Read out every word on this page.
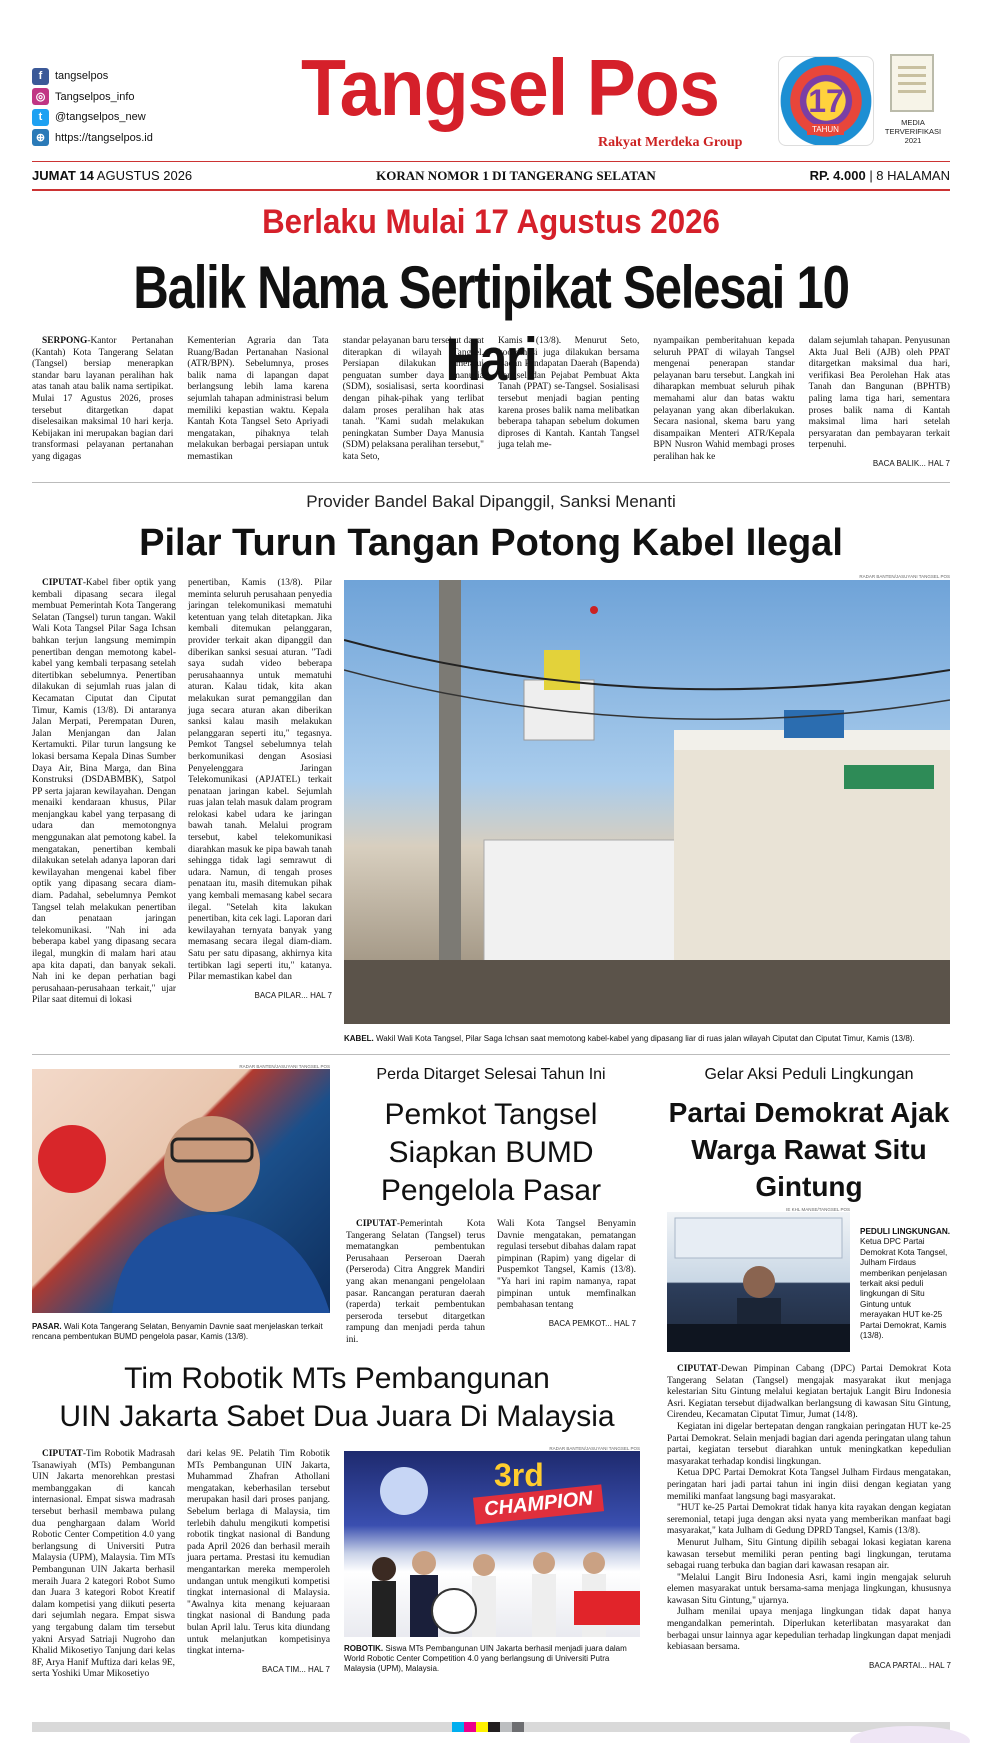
f	tangselpos
◎ Tangselpos_info
t	@tangselpos_new
⊕ https://tangselpos.id
Tangsel Pos
Rakyat Merdeka Group
17
TAHUN
MEDIA TERVERIFIKASI 2021
JUMAT 14 AGUSTUS 2026	KORAN NOMOR 1 DI TANGERANG SELATAN	RP. 4.000 | 8 HALAMAN
Berlaku Mulai 17 Agustus 2026
Balik Nama Sertipikat Selesai 10 Hari

SERPONG-Kantor Pertanahan (Kantah) Kota Tangerang Selatan (Tangsel) bersiap menerapkan standar baru layanan peralihan hak atas tanah atau balik nama sertipikat. Mulai 17 Agustus 2026, proses tersebut ditargetkan dapat diselesaikan maksimal 10 hari kerja. Kebijakan ini merupakan bagian dari transformasi pelayanan pertanahan yang digagas

Kementerian Agraria dan Tata Ruang/Badan Pertanahan Nasional (ATR/BPN). Sebelumnya, proses balik nama di lapangan dapat berlangsung lebih lama karena sejumlah tahapan administrasi belum memiliki kepastian waktu. Kepala Kantah Kota Tangsel Seto Apriyadi mengatakan, pihaknya telah melakukan berbagai persiapan untuk memastikan

standar pelayanan baru tersebut dapat diterapkan di wilayah Tangsel. Persiapan dilakukan melalui penguatan sumber daya manusia (SDM), sosialisasi, serta koordinasi dengan pihak-pihak yang terlibat dalam proses peralihan hak atas tanah. "Kami sudah melakukan peningkatan Sumber Daya Manusia (SDM) pelaksana peralihan tersebut," kata Seto,

Kamis (13/8). Menurut Seto, koordinasi juga dilakukan bersama Badan Pendapatan Daerah (Bapenda) Tangsel dan Pejabat Pembuat Akta Tanah (PPAT) se-Tangsel. Sosialisasi tersebut menjadi bagian penting karena proses balik nama melibatkan beberapa tahapan sebelum dokumen diproses di Kantah. Kantah Tangsel juga telah me-

nyampaikan pemberitahuan kepada seluruh PPAT di wilayah Tangsel mengenai penerapan standar pelayanan baru tersebut. Langkah ini diharapkan membuat seluruh pihak memahami alur dan batas waktu pelayanan yang akan diberlakukan. Secara nasional, skema baru yang disampaikan Menteri ATR/Kepala BPN Nusron Wahid membagi proses peralihan hak ke

dalam sejumlah tahapan. Penyusunan Akta Jual Beli (AJB) oleh PPAT ditargetkan maksimal dua hari, verifikasi Bea Perolehan Hak atas Tanah dan Bangunan (BPHTB) paling lama tiga hari, sementara proses balik nama di Kantah maksimal lima hari setelah persyaratan dan pembayaran terkait terpenuhi.

BACA BALIK... HAL 7
Provider Bandel Bakal Dipanggil, Sanksi Menanti
Pilar Turun Tangan Potong Kabel Ilegal

CIPUTAT-Kabel fiber optik yang kembali dipasang secara ilegal membuat Pemerintah Kota Tangerang Selatan (Tangsel) turun tangan. Wakil Wali Kota Tangsel Pilar Saga Ichsan bahkan terjun langsung memimpin penertiban dengan memotong kabel-kabel yang kembali terpasang setelah ditertibkan sebelumnya. Penertiban dilakukan di sejumlah ruas jalan di Kecamatan Ciputat dan Ciputat Timur, Kamis (13/8). Di antaranya Jalan Merpati, Perempatan Duren, Jalan Menjangan dan Jalan Kertamukti. Pilar turun langsung ke lokasi bersama Kepala Dinas Sumber Daya Air, Bina Marga, dan Bina Konstruksi (DSDABMBK), Satpol PP serta jajaran kewilayahan. Dengan menaiki kendaraan khusus, Pilar menjangkau kabel yang terpasang di udara dan memotongnya menggunakan alat pemotong kabel. Ia mengatakan, penertiban kembali dilakukan setelah adanya laporan dari kewilayahan mengenai kabel fiber optik yang dipasang secara diam-diam. Padahal, sebelumnya Pemkot Tangsel telah melakukan penertiban dan penataan jaringan telekomunikasi. "Nah ini ada beberapa kabel yang dipasang secara ilegal, mungkin di malam hari atau apa kita dapati, dan banyak sekali. Nah ini ke depan perhatian bagi perusahaan-perusahaan terkait," ujar Pilar saat ditemui di lokasi

penertiban, Kamis (13/8). Pilar meminta seluruh perusahaan penyedia jaringan telekomunikasi mematuhi ketentuan yang telah ditetapkan. Jika kembali ditemukan pelanggaran, provider terkait akan dipanggil dan diberikan sanksi sesuai aturan. "Tadi saya sudah video beberapa perusahaannya untuk mematuhi aturan. Kalau tidak, kita akan melakukan surat pemanggilan dan juga secara aturan akan diberikan sanksi kalau masih melakukan pelanggaran seperti itu," tegasnya. Pemkot Tangsel sebelumnya telah berkomunikasi dengan Asosiasi Penyelenggara Jaringan Telekomunikasi (APJATEL) terkait penataan jaringan kabel. Sejumlah ruas jalan telah masuk dalam program relokasi kabel udara ke jaringan bawah tanah. Melalui program tersebut, kabel telekomunikasi diarahkan masuk ke pipa bawah tanah sehingga tidak lagi semrawut di udara. Namun, di tengah proses penataan itu, masih ditemukan pihak yang kembali memasang kabel secara ilegal. "Setelah kita lakukan penertiban, kita cek lagi. Laporan dari kewilayahan ternyata banyak yang memasang secara ilegal diam-diam. Satu per satu dipasang, akhirnya kita tertibkan lagi seperti itu," katanya. Pilar memastikan kabel dan

BACA PILAR... HAL 7
RADAR BANTEN/JASUYANI TANGSEL POS
KABEL. Wakil Wali Kota Tangsel, Pilar Saga Ichsan saat memotong kabel-kabel yang dipasang liar di ruas jalan wilayah Ciputat dan Ciputat Timur, Kamis (13/8).
RADAR BANTEN/JASUYANI TANGSEL POS
PASAR. Wali Kota Tangerang Selatan, Benyamin Davnie saat menjelaskan terkait rencana pembentukan BUMD pengelola pasar, Kamis (13/8).
Perda Ditarget Selesai Tahun Ini
Pemkot Tangsel Siapkan BUMD Pengelola Pasar

CIPUTAT-Pemerintah Kota Tangerang Selatan (Tangsel) terus mematangkan pembentukan Perusahaan Perseroan Daerah (Perseroda) Citra Anggrek Mandiri yang akan menangani pengelolaan pasar. Rancangan peraturan daerah (raperda) terkait pembentukan perseroda tersebut ditargetkan rampung dan menjadi perda tahun ini.

Wali Kota Tangsel Benyamin Davnie mengatakan, pematangan regulasi tersebut dibahas dalam rapat pimpinan (Rapim) yang digelar di Puspemkot Tangsel, Kamis (13/8). "Ya hari ini rapim namanya, rapat pimpinan untuk memfinalkan pembahasan tentang

BACA PEMKOT... HAL 7
Gelar Aksi Peduli Lingkungan
Partai Demokrat Ajak Warga Rawat Situ Gintung
IE KHL MANSE/TANGSEL POS
PEDULI LINGKUNGAN. Ketua DPC Partai Demokrat Kota Tangsel, Julham Firdaus memberikan penjelasan terkait aksi peduli lingkungan di Situ Gintung untuk merayakan HUT ke-25 Partai Demokrat, Kamis (13/8).

CIPUTAT-Dewan Pimpinan Cabang (DPC) Partai Demokrat Kota Tangerang Selatan (Tangsel) mengajak masyarakat ikut menjaga kelestarian Situ Gintung melalui kegiatan bertajuk Langit Biru Indonesia Asri. Kegiatan tersebut dijadwalkan berlangsung di kawasan Situ Gintung, Cirendeu, Kecamatan Ciputat Timur, Jumat (14/8).

Kegiatan ini digelar bertepatan dengan rangkaian peringatan HUT ke-25 Partai Demokrat. Selain menjadi bagian dari agenda peringatan ulang tahun partai, kegiatan tersebut diarahkan untuk meningkatkan kepedulian masyarakat terhadap kondisi lingkungan.

Ketua DPC Partai Demokrat Kota Tangsel Julham Firdaus mengatakan, peringatan hari jadi partai tahun ini ingin diisi dengan kegiatan yang memiliki manfaat langsung bagi masyarakat.

"HUT ke-25 Partai Demokrat tidak hanya kita rayakan dengan kegiatan seremonial, tetapi juga dengan aksi nyata yang memberikan manfaat bagi masyarakat," kata Julham di Gedung DPRD Tangsel, Kamis (13/8).

Menurut Julham, Situ Gintung dipilih sebagai lokasi kegiatan karena kawasan tersebut memiliki peran penting bagi lingkungan, terutama sebagai ruang terbuka dan bagian dari kawasan resapan air.

"Melalui Langit Biru Indonesia Asri, kami ingin mengajak seluruh elemen masyarakat untuk bersama-sama menjaga lingkungan, khususnya kawasan Situ Gintung," ujarnya.

Julham menilai upaya menjaga lingkungan tidak dapat hanya mengandalkan pemerintah. Diperlukan keterlibatan masyarakat dan berbagai unsur lainnya agar kepedulian terhadap lingkungan dapat menjadi kebiasaan bersama.

BACA PARTAI... HAL 7
Tim Robotik MTs Pembangunan
UIN Jakarta Sabet Dua Juara Di Malaysia

CIPUTAT-Tim Robotik Madrasah Tsanawiyah (MTs) Pembangunan UIN Jakarta menorehkan prestasi membanggakan di kancah internasional. Empat siswa madrasah tersebut berhasil membawa pulang dua penghargaan dalam World Robotic Center Competition 4.0 yang berlangsung di Universiti Putra Malaysia (UPM), Malaysia. Tim MTs Pembangunan UIN Jakarta berhasil meraih Juara 2 kategori Robot Sumo dan Juara 3 kategori Robot Kreatif dalam kompetisi yang diikuti peserta dari sejumlah negara. Empat siswa yang tergabung dalam tim tersebut yakni Arsyad Satriaji Nugroho dan Khalid Mikosetiyo Tanjung dari kelas 8F, Arya Hanif Muftiza dari kelas 9E, serta Yoshiki Umar Mikosetiyo

dari kelas 9E. Pelatih Tim Robotik MTs Pembangunan UIN Jakarta, Muhammad Zhafran Athollani mengatakan, keberhasilan tersebut merupakan hasil dari proses panjang. Sebelum berlaga di Malaysia, tim terlebih dahulu mengikuti kompetisi robotik tingkat nasional di Bandung pada April 2026 dan berhasil meraih juara pertama. Prestasi itu kemudian mengantarkan mereka memperoleh undangan untuk mengikuti kompetisi tingkat internasional di Malaysia. "Awalnya kita menang kejuaraan tingkat nasional di Bandung pada bulan April lalu. Terus kita diundang untuk melanjutkan kompetisinya tingkat interna-

BACA TIM... HAL 7
RADAR BANTEN/JASUYANI TANGSEL POS
3rd
CHAMPION
ROBOTIK. Siswa MTs Pembangunan UIN Jakarta berhasil menjadi juara dalam World Robotic Center Competition 4.0 yang berlangsung di Universiti Putra Malaysia (UPM), Malaysia.
